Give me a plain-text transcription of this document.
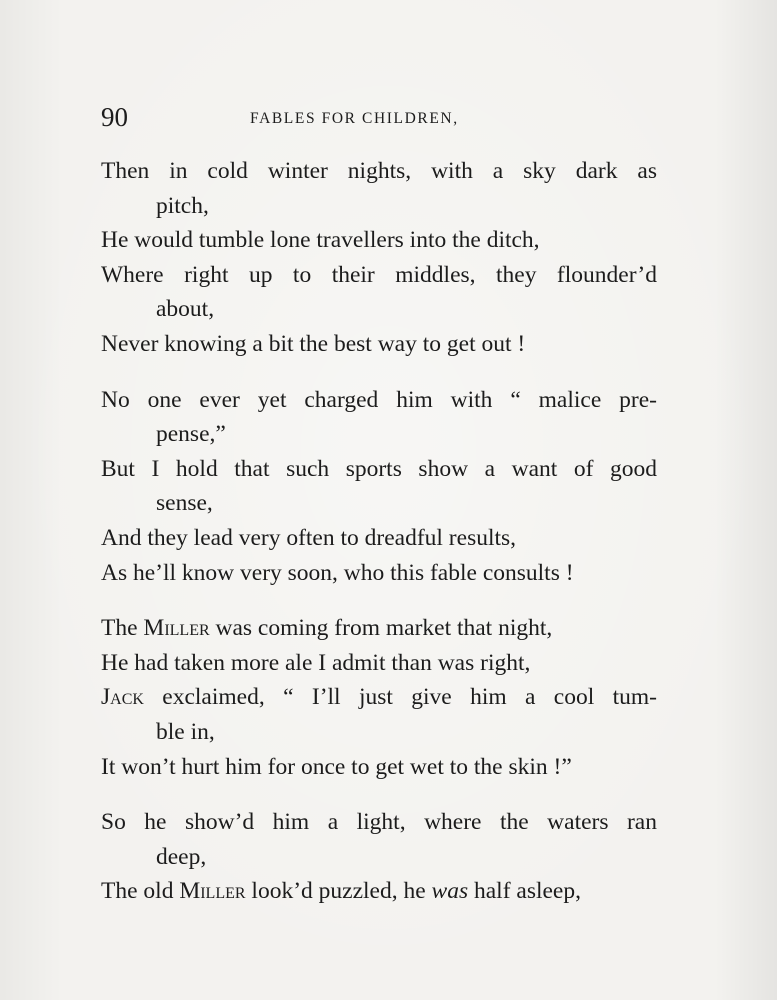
90	FABLES FOR CHILDREN,
Then in cold winter nights, with a sky dark as
pitch,
He would tumble lone travellers into the ditch,
Where right up to their middles, they flounder’d
about,
Never knowing a bit the best way to get out !
No one ever yet charged him with “ malice pre-
pense,”
But I hold that such sports show a want of good
sense,
And they lead very often to dreadful results,
As he’ll know very soon, who this fable consults !
The Miller was coming from market that night,
He had taken more ale I admit than was right,
Jack exclaimed, “ I’ll just give him a cool tum-
ble in,
It won’t hurt him for once to get wet to the skin !”
So he show’d him a light, where the waters ran
deep,
The old Miller look’d puzzled, he was half asleep,
